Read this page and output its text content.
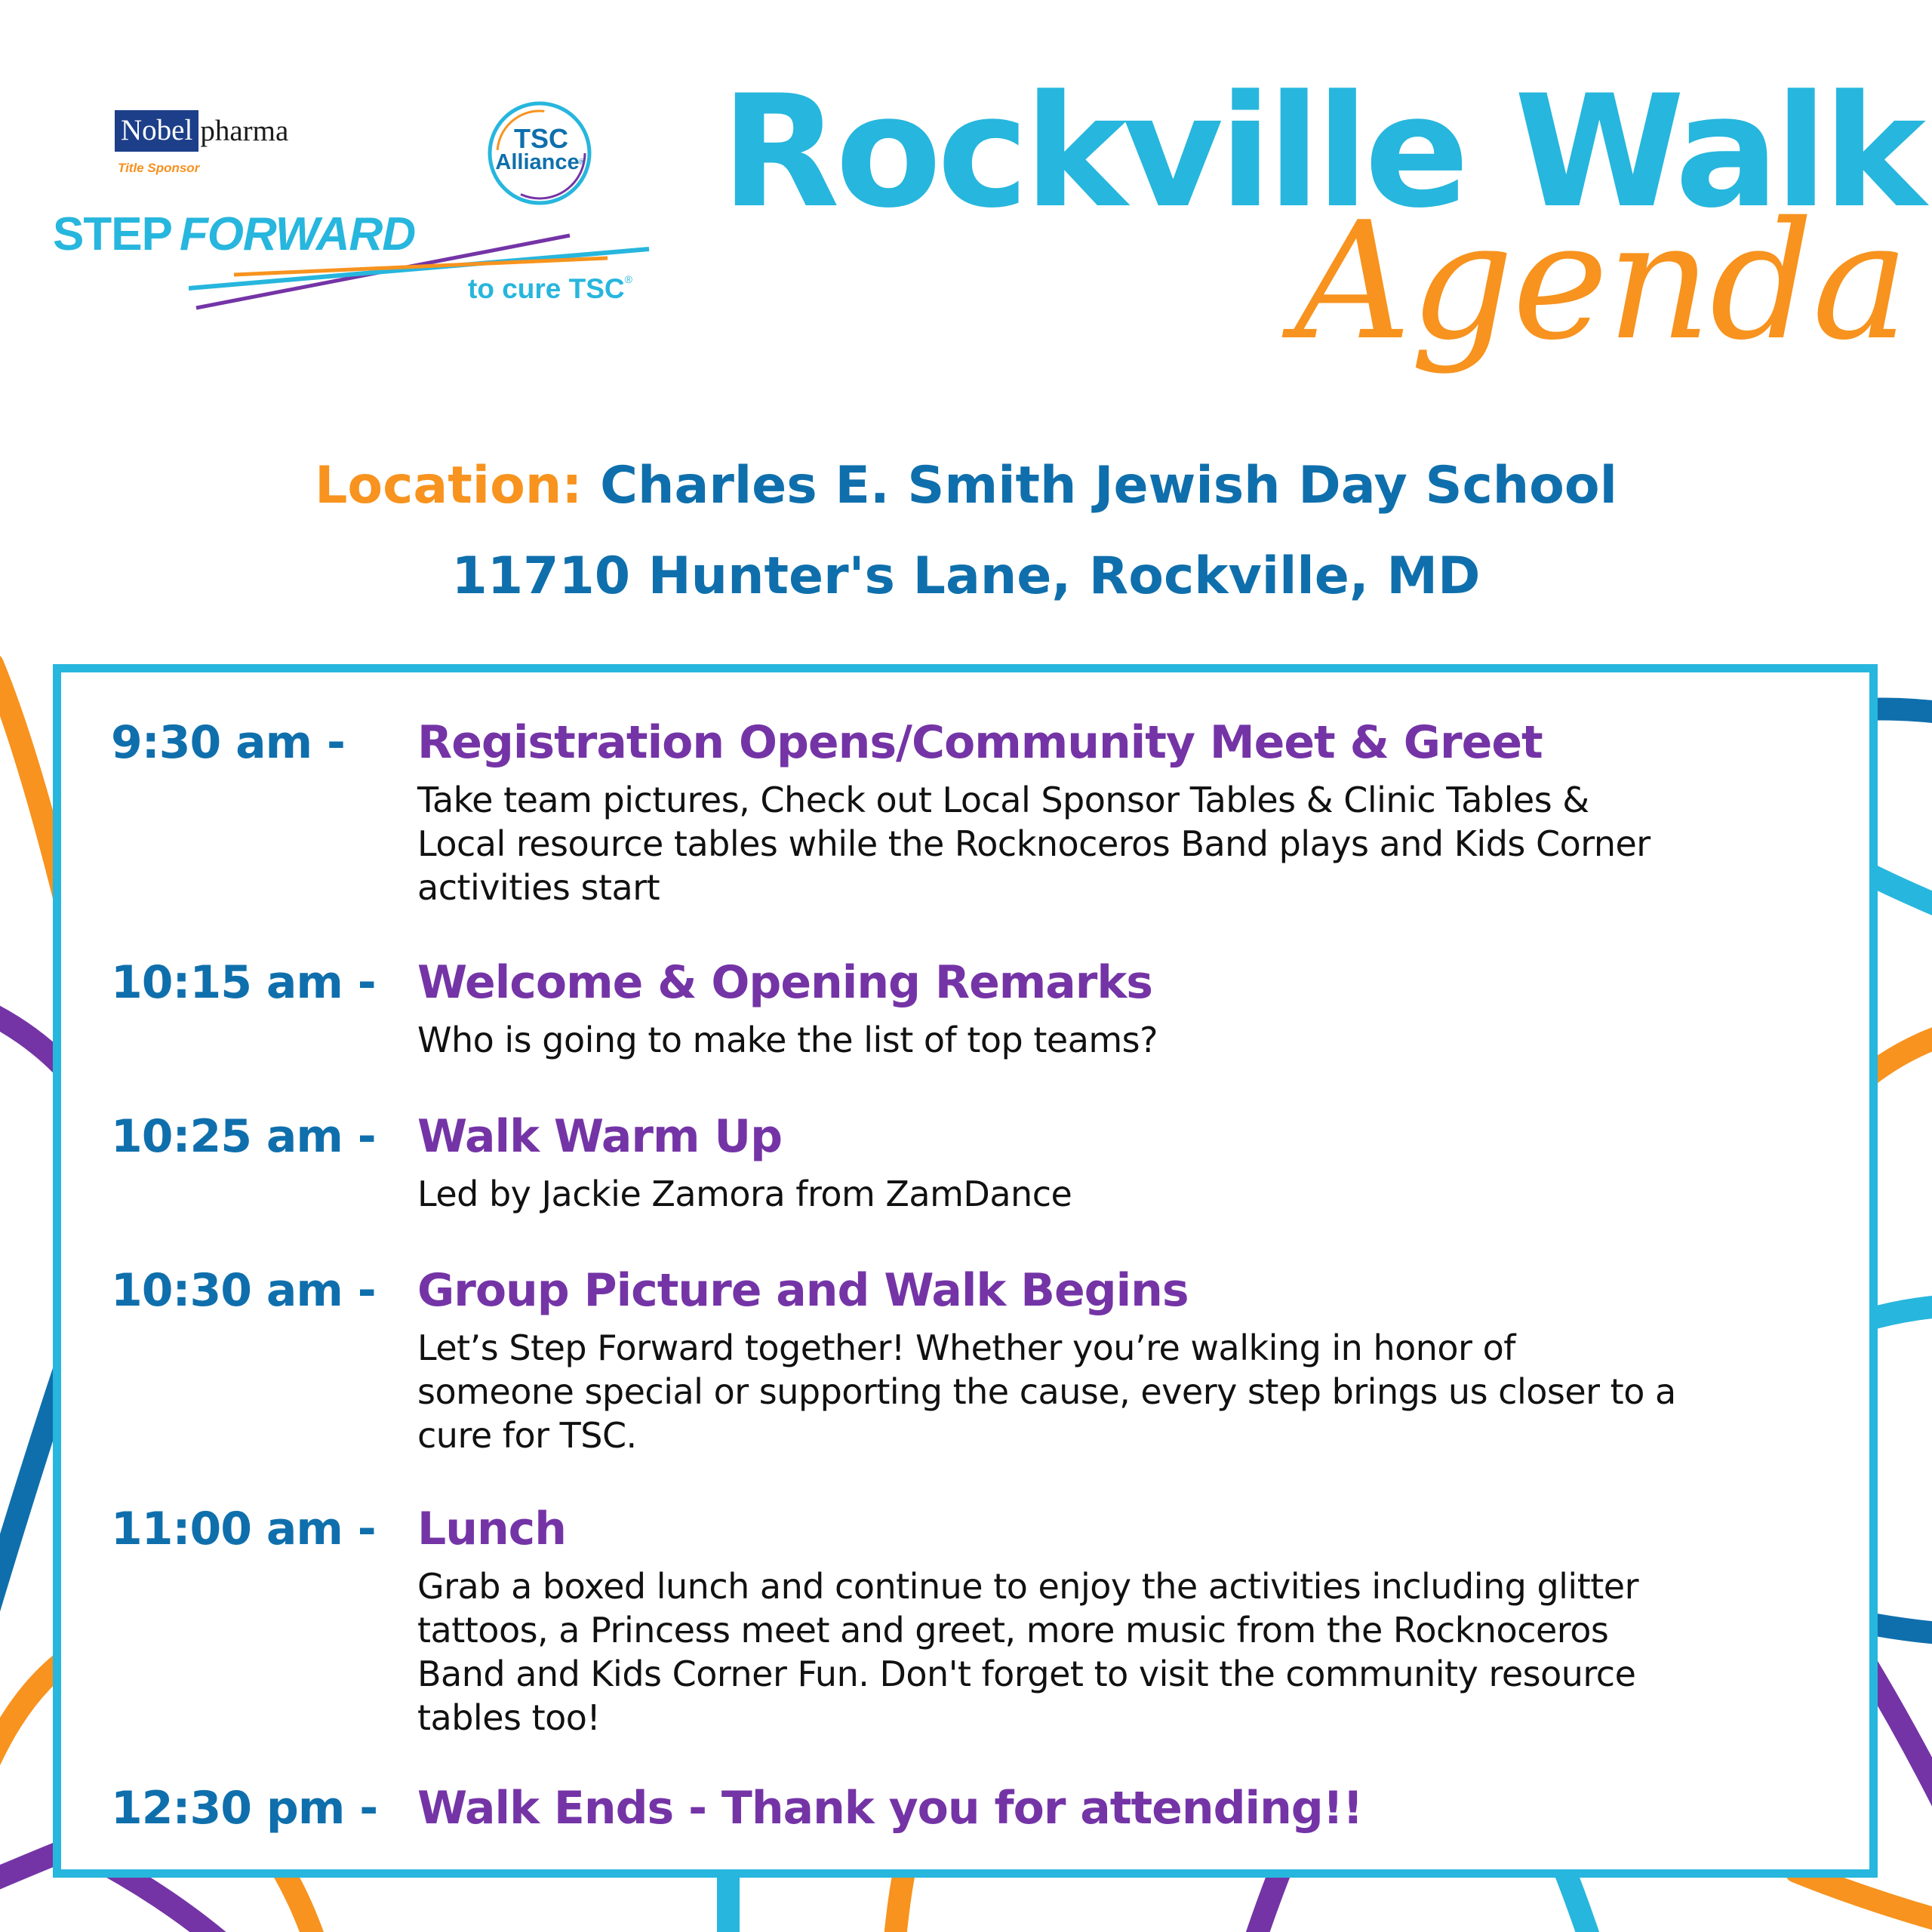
Nobel pharma
Title Sponsor
TSC
Alliance ®
STEP FORWARD
to cure TSC®
Rockville Walk
Agenda
Location: Charles E. Smith Jewish Day School
11710 Hunter's Lane, Rockville, MD
9:30 am - Registration Opens/Community Meet & Greet
Take team pictures, Check out Local Sponsor Tables & Clinic Tables &
Local resource tables while the Rocknoceros Band plays and Kids Corner
activities start
10:15 am - Welcome & Opening Remarks
Who is going to make the list of top teams?
10:25 am - Walk Warm Up
Led by Jackie Zamora from ZamDance
10:30 am - Group Picture and Walk Begins
Let’s Step Forward together! Whether you’re walking in honor of
someone special or supporting the cause, every step brings us closer to a
cure for TSC.
11:00 am - Lunch
Grab a boxed lunch and continue to enjoy the activities including glitter
tattoos, a Princess meet and greet, more music from the Rocknoceros
Band and Kids Corner Fun. Don't forget to visit the community resource
tables too!
12:30 pm - Walk Ends - Thank you for attending!!
